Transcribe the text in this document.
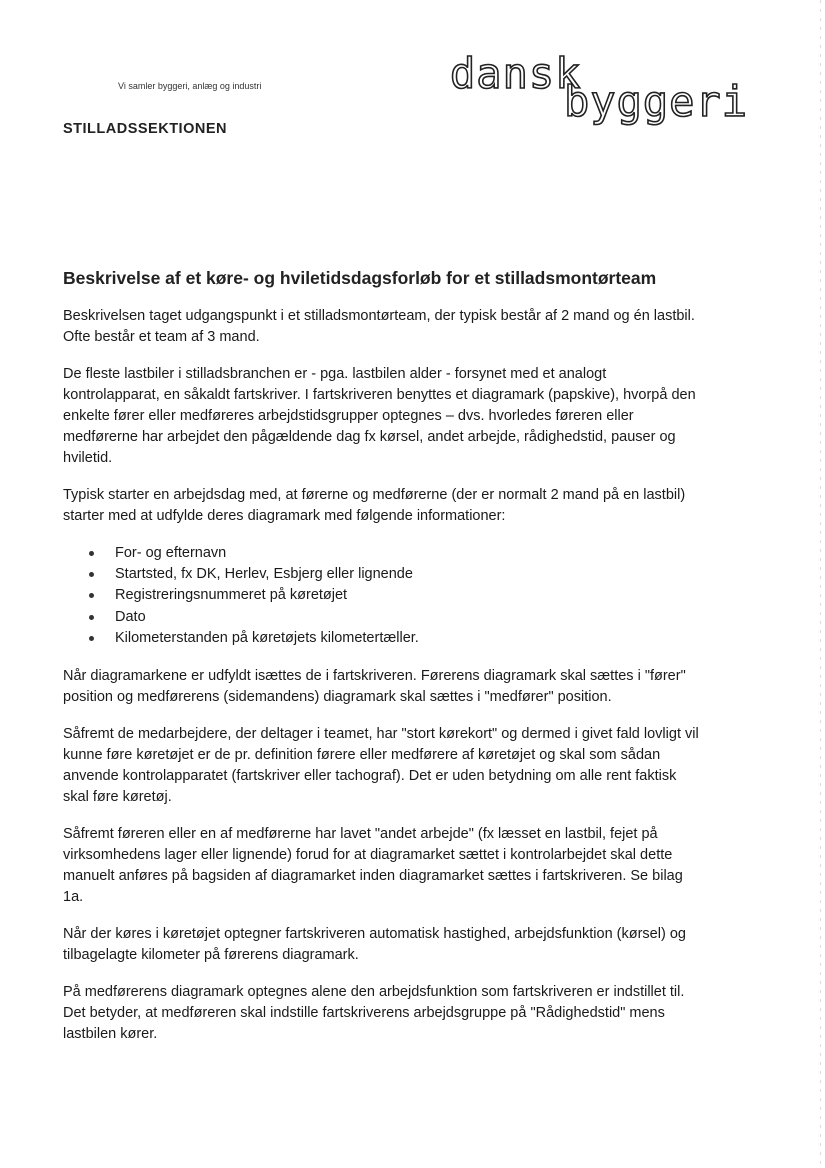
Vi samler byggeri, anlæg og industri	dansk
byggeri
STILLADSSEKTIONEN
Beskrivelse af et køre- og hviletidsdagsforløb for et stilladsmontørteam

Beskrivelsen taget udgangspunkt i et stilladsmontørteam, der typisk består af 2 mand og én lastbil.
Ofte består et team af 3 mand.

De fleste lastbiler i stilladsbranchen er - pga. lastbilen alder - forsynet med et analogt
kontrolapparat, en såkaldt fartskriver. I fartskriveren benyttes et diagramark (papskive), hvorpå den
enkelte fører eller medføreres arbejdstidsgrupper optegnes – dvs. hvorledes føreren eller
medførerne har arbejdet den pågældende dag fx kørsel, andet arbejde, rådighedstid, pauser og
hviletid.

Typisk starter en arbejdsdag med, at førerne og medførerne (der er normalt 2 mand på en lastbil)
starter med at udfylde deres diagramark med følgende informationer:

For- og efternavn
Startsted, fx DK, Herlev, Esbjerg eller lignende
Registreringsnummeret på køretøjet
Dato
Kilometerstanden på køretøjets kilometertæller.

Når diagramarkene er udfyldt isættes de i fartskriveren. Førerens diagramark skal sættes i "fører"
position og medførerens (sidemandens) diagramark skal sættes i "medfører" position.

Såfremt de medarbejdere, der deltager i teamet, har "stort kørekort" og dermed i givet fald lovligt vil
kunne føre køretøjet er de pr. definition førere eller medførere af køretøjet og skal som sådan
anvende kontrolapparatet (fartskriver eller tachograf). Det er uden betydning om alle rent faktisk
skal føre køretøj.

Såfremt føreren eller en af medførerne har lavet "andet arbejde" (fx læsset en lastbil, fejet på
virksomhedens lager eller lignende) forud for at diagramarket sættet i kontrolarbejdet skal dette
manuelt anføres på bagsiden af diagramarket inden diagramarket sættes i fartskriveren. Se bilag
1a.

Når der køres i køretøjet optegner fartskriveren automatisk hastighed, arbejdsfunktion (kørsel) og
tilbagelagte kilometer på førerens diagramark.

På medførerens diagramark optegnes alene den arbejdsfunktion som fartskriveren er indstillet til.
Det betyder, at medføreren skal indstille fartskriverens arbejdsgruppe på "Rådighedstid" mens
lastbilen kører.
